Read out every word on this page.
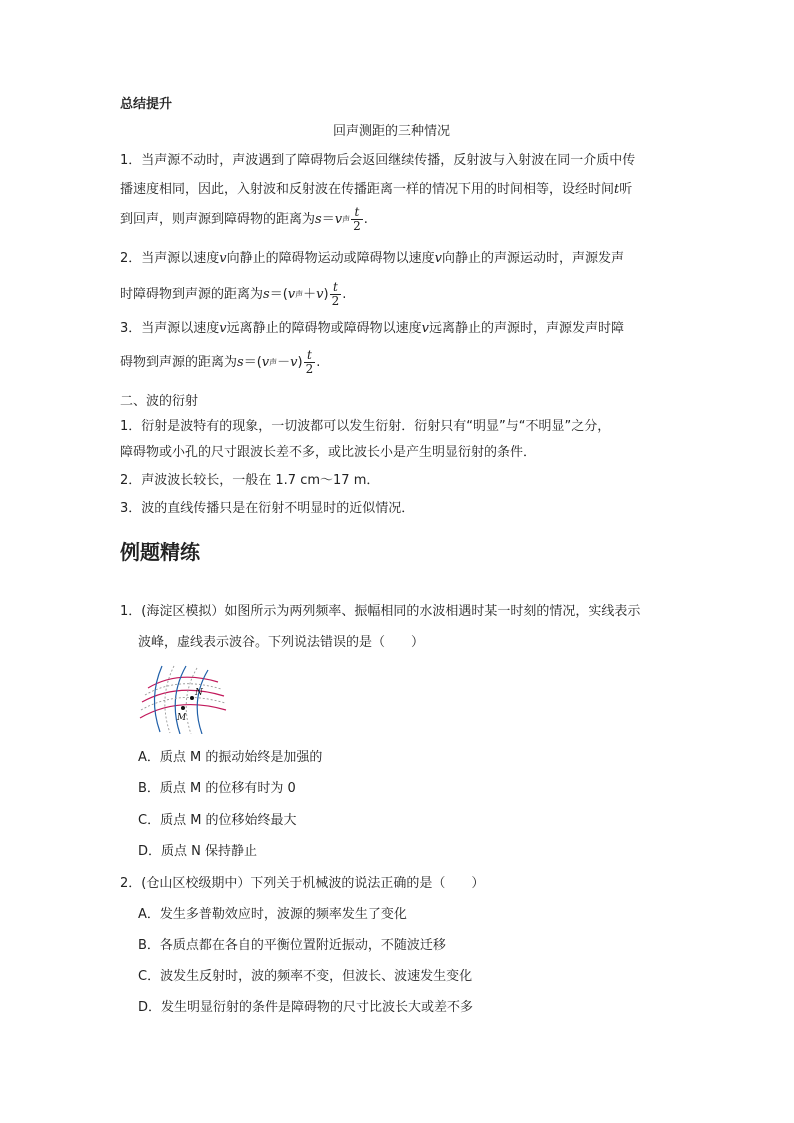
总结提升
回声测距的三种情况
1．当声源不动时，声波遇到了障碍物后会返回继续传播，反射波与入射波在同一介质中传
播速度相同，因此，入射波和反射波在传播距离一样的情况下用的时间相等，设经时间t听
到回声，则声源到障碍物的距离为 s ＝ v 声 $\frac{t}{2}$ .
2．当声源以速度v向静止的障碍物运动或障碍物以速度v向静止的声源运动时，声源发声
时障碍物到声源的距离为 s ＝( v 声 ＋ v ) $\frac{t}{2}$ .
3．当声源以速度v远离静止的障碍物或障碍物以速度v远离静止的声源时，声源发声时障
碍物到声源的距离为 s ＝( v 声 － v ) $\frac{t}{2}$ .
二、波的衍射
1．衍射是波特有的现象，一切波都可以发生衍射．衍射只有“明显”与“不明显”之分，
障碍物或小孔的尺寸跟波长差不多，或比波长小是产生明显衍射的条件．
2．声波波长较长，一般在 1.7 cm～17 m．
3．波的直线传播只是在衍射不明显时的近似情况．
例题精练
1．(海淀区模拟）如图所示为两列频率、振幅相同的水波相遇时某一时刻的情况，实线表示
波峰，虚线表示波谷。下列说法错误的是（　　）
N
M
A．质点 M 的振动始终是加强的
B．质点 M 的位移有时为 0
C．质点 M 的位移始终最大
D．质点 N 保持静止
2．(仓山区校级期中）下列关于机械波的说法正确的是（　　）
A．发生多普勒效应时，波源的频率发生了变化
B．各质点都在各自的平衡位置附近振动，不随波迁移
C．波发生反射时，波的频率不变，但波长、波速发生变化
D．发生明显衍射的条件是障碍物的尺寸比波长大或差不多
